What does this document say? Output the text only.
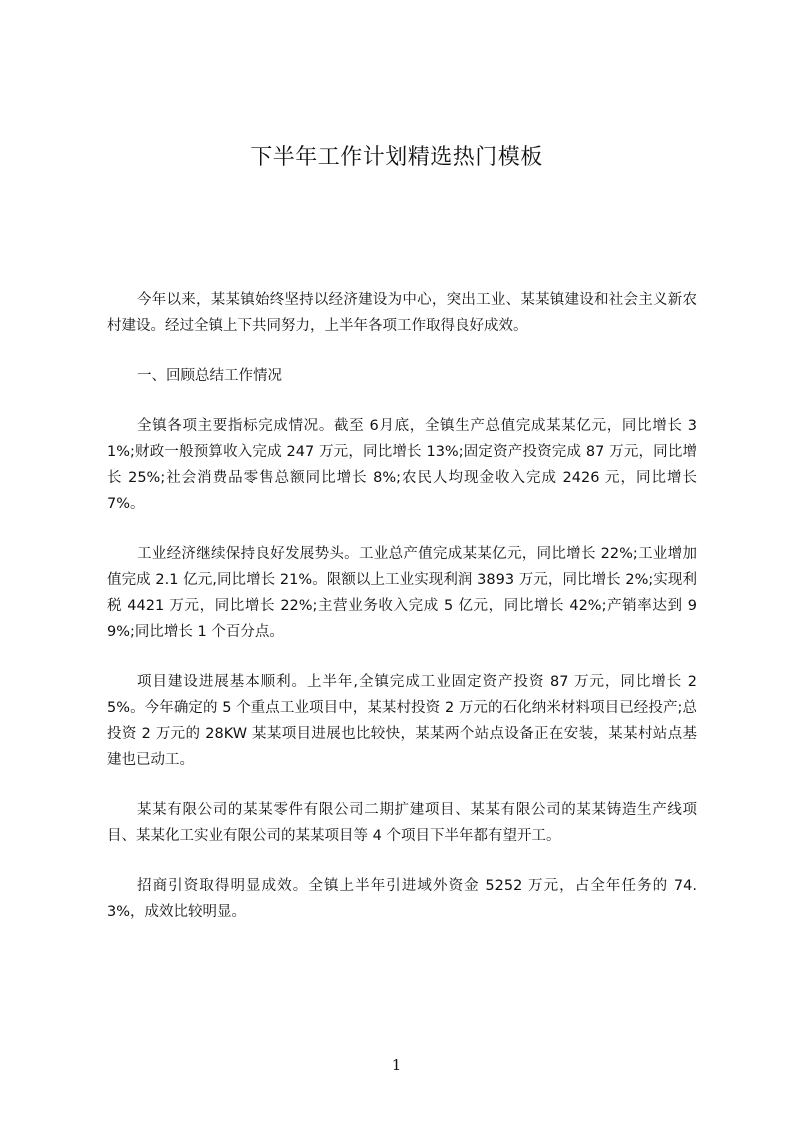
下半年工作计划精选热门模板

今年以来，某某镇始终坚持以经济建设为中心，突出工业、某某镇建设和社会主义新农村建设。经过全镇上下共同努力，上半年各项工作取得良好成效。

一、回顾总结工作情况

全镇各项主要指标完成情况。截至 6月底，全镇生产总值完成某某亿元，同比增长 31%;财政一般预算收入完成 247 万元，同比增长 13%;固定资产投资完成 87 万元，同比增长 25%;社会消费品零售总额同比增长 8%;农民人均现金收入完成 2426 元，同比增长 7%。

工业经济继续保持良好发展势头。工业总产值完成某某亿元，同比增长 22%;工业增加值完成 2.1 亿元,同比增长 21%。限额以上工业实现利润 3893 万元，同比增长 2%;实现利税 4421 万元，同比增长 22%;主营业务收入完成 5 亿元，同比增长 42%;产销率达到 99%;同比增长 1 个百分点。

项目建设进展基本顺利。上半年,全镇完成工业固定资产投资 87 万元，同比增长 25%。今年确定的 5 个重点工业项目中，某某村投资 2 万元的石化纳米材料项目已经投产;总投资 2 万元的 28KW 某某项目进展也比较快，某某两个站点设备正在安装，某某村站点基建也已动工。

某某有限公司的某某零件有限公司二期扩建项目、某某有限公司的某某铸造生产线项目、某某化工实业有限公司的某某项目等 4 个项目下半年都有望开工。

招商引资取得明显成效。全镇上半年引进域外资金 5252 万元，占全年任务的 74.3%，成效比较明显。

1
